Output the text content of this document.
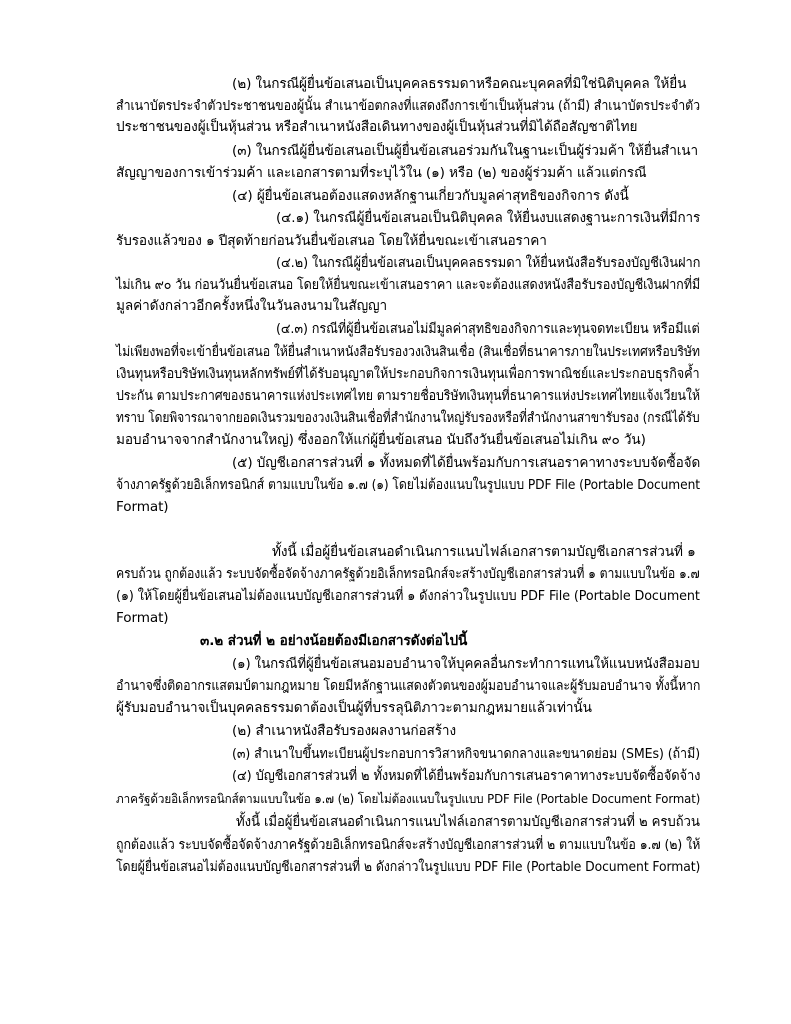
(๒) ในกรณีผู้ยื่นข้อเสนอเป็นบุคคลธรรมดาหรือคณะบุคคลที่มิใช่นิติบุคคล ให้ยื่น
สำเนาบัตรประจำตัวประชาชนของผู้นั้น สำเนาข้อตกลงที่แสดงถึงการเข้าเป็นหุ้นส่วน (ถ้ามี) สำเนาบัตรประจำตัว
ประชาชนของผู้เป็นหุ้นส่วน หรือสำเนาหนังสือเดินทางของผู้เป็นหุ้นส่วนที่มิได้ถือสัญชาติไทย
(๓) ในกรณีผู้ยื่นข้อเสนอเป็นผู้ยื่นข้อเสนอร่วมกันในฐานะเป็นผู้ร่วมค้า ให้ยื่นสำเนา
สัญญาของการเข้าร่วมค้า และเอกสารตามที่ระบุไว้ใน (๑) หรือ (๒) ของผู้ร่วมค้า แล้วแต่กรณี
(๔) ผู้ยื่นข้อเสนอต้องแสดงหลักฐานเกี่ยวกับมูลค่าสุทธิของกิจการ ดังนี้
(๔.๑) ในกรณีผู้ยื่นข้อเสนอเป็นนิติบุคคล ให้ยื่นงบแสดงฐานะการเงินที่มีการ
รับรองแล้วของ ๑ ปีสุดท้ายก่อนวันยื่นข้อเสนอ โดยให้ยื่นขณะเข้าเสนอราคา
(๔.๒) ในกรณีผู้ยื่นข้อเสนอเป็นบุคคลธรรมดา ให้ยื่นหนังสือรับรองบัญชีเงินฝาก
ไม่เกิน ๙๐ วัน ก่อนวันยื่นข้อเสนอ โดยให้ยื่นขณะเข้าเสนอราคา และจะต้องแสดงหนังสือรับรองบัญชีเงินฝากที่มี
มูลค่าดังกล่าวอีกครั้งหนึ่งในวันลงนามในสัญญา
(๔.๓) กรณีที่ผู้ยื่นข้อเสนอไม่มีมูลค่าสุทธิของกิจการและทุนจดทะเบียน หรือมีแต่
ไม่เพียงพอที่จะเข้ายื่นข้อเสนอ ให้ยื่นสำเนาหนังสือรับรองวงเงินสินเชื่อ (สินเชื่อที่ธนาคารภายในประเทศหรือบริษัท
เงินทุนหรือบริษัทเงินทุนหลักทรัพย์ที่ได้รับอนุญาตให้ประกอบกิจการเงินทุนเพื่อการพาณิชย์และประกอบธุรกิจค้ำ
ประกัน ตามประกาศของธนาคารแห่งประเทศไทย ตามรายชื่อบริษัทเงินทุนที่ธนาคารแห่งประเทศไทยแจ้งเวียนให้
ทราบ โดยพิจารณาจากยอดเงินรวมของวงเงินสินเชื่อที่สำนักงานใหญ่รับรองหรือที่สำนักงานสาขารับรอง (กรณีได้รับ
มอบอำนาจจากสำนักงานใหญ่) ซึ่งออกให้แก่ผู้ยื่นข้อเสนอ นับถึงวันยื่นข้อเสนอไม่เกิน ๙๐ วัน)
(๕) บัญชีเอกสารส่วนที่ ๑ ทั้งหมดที่ได้ยื่นพร้อมกับการเสนอราคาทางระบบจัดซื้อจัด
จ้างภาครัฐด้วยอิเล็กทรอนิกส์ ตามแบบในข้อ ๑.๗ (๑) โดยไม่ต้องแนบในรูปแบบ PDF File (Portable Document
Format)
ทั้งนี้ เมื่อผู้ยื่นข้อเสนอดำเนินการแนบไฟล์เอกสารตามบัญชีเอกสารส่วนที่ ๑
ครบถ้วน ถูกต้องแล้ว ระบบจัดซื้อจัดจ้างภาครัฐด้วยอิเล็กทรอนิกส์จะสร้างบัญชีเอกสารส่วนที่ ๑ ตามแบบในข้อ ๑.๗
(๑) ให้โดยผู้ยื่นข้อเสนอไม่ต้องแนบบัญชีเอกสารส่วนที่ ๑ ดังกล่าวในรูปแบบ PDF File (Portable Document
Format)
๓.๒ ส่วนที่ ๒ อย่างน้อยต้องมีเอกสารดังต่อไปนี้
(๑) ในกรณีที่ผู้ยื่นข้อเสนอมอบอำนาจให้บุคคลอื่นกระทำการแทนให้แนบหนังสือมอบ
อำนาจซึ่งติดอากรแสตมป์ตามกฎหมาย โดยมีหลักฐานแสดงตัวตนของผู้มอบอำนาจและผู้รับมอบอำนาจ ทั้งนี้หาก
ผู้รับมอบอำนาจเป็นบุคคลธรรมดาต้องเป็นผู้ที่บรรลุนิติภาวะตามกฎหมายแล้วเท่านั้น
(๒) สำเนาหนังสือรับรองผลงานก่อสร้าง
(๓) สำเนาใบขึ้นทะเบียนผู้ประกอบการวิสาหกิจขนาดกลางและขนาดย่อม (SMEs) (ถ้ามี)
(๔) บัญชีเอกสารส่วนที่ ๒ ทั้งหมดที่ได้ยื่นพร้อมกับการเสนอราคาทางระบบจัดซื้อจัดจ้าง
ภาครัฐด้วยอิเล็กทรอนิกส์ตามแบบในข้อ ๑.๗ (๒) โดยไม่ต้องแนบในรูปแบบ PDF File (Portable Document Format)
ทั้งนี้ เมื่อผู้ยื่นข้อเสนอดำเนินการแนบไฟล์เอกสารตามบัญชีเอกสารส่วนที่ ๒ ครบถ้วน
ถูกต้องแล้ว ระบบจัดซื้อจัดจ้างภาครัฐด้วยอิเล็กทรอนิกส์จะสร้างบัญชีเอกสารส่วนที่ ๒ ตามแบบในข้อ ๑.๗ (๒) ให้
โดยผู้ยื่นข้อเสนอไม่ต้องแนบบัญชีเอกสารส่วนที่ ๒ ดังกล่าวในรูปแบบ PDF File (Portable Document Format)
